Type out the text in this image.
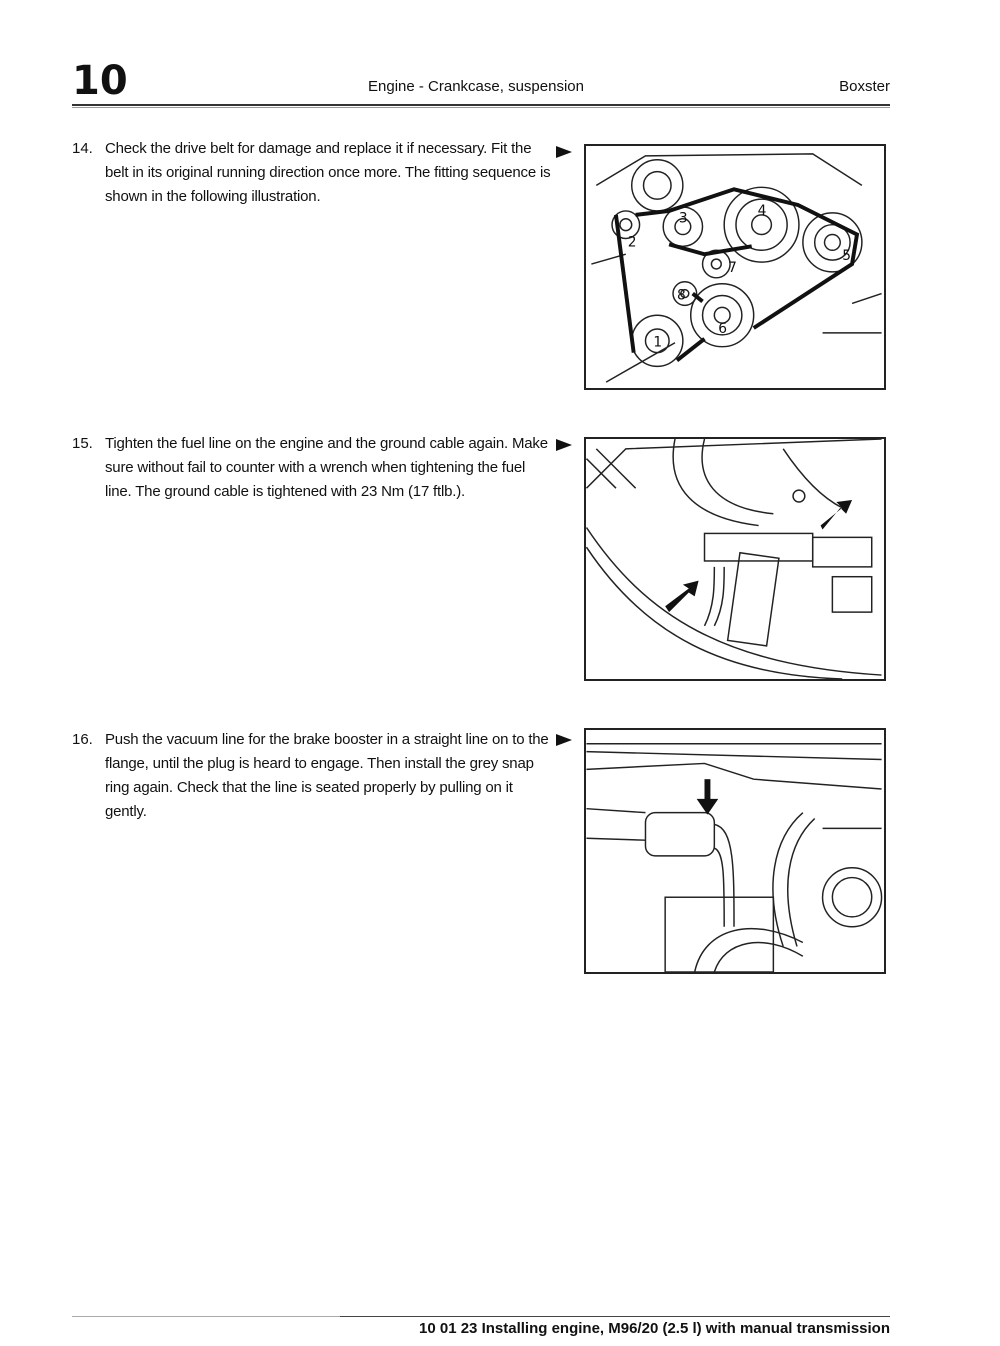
10	Engine - Crankcase, suspension	Boxster
14. Check the drive belt for damage and replace it if necessary. Fit the belt in its original running direction once more. The fitting sequence is shown in the following illustration.
1
2
3	4
5
6
7
8
15. Tighten the fuel line on the engine and the ground cable again. Make sure without fail to counter with a wrench when tightening the fuel line. The ground cable is tightened with 23 Nm (17 ftlb.).
16. Push the vacuum line for the brake booster in a straight line on to the flange, until the plug is heard to engage. Then install the grey snap ring again. Check that the line is seated properly by pulling on it gently.
10 01 23 Installing engine, M96/20 (2.5 l) with manual transmission
